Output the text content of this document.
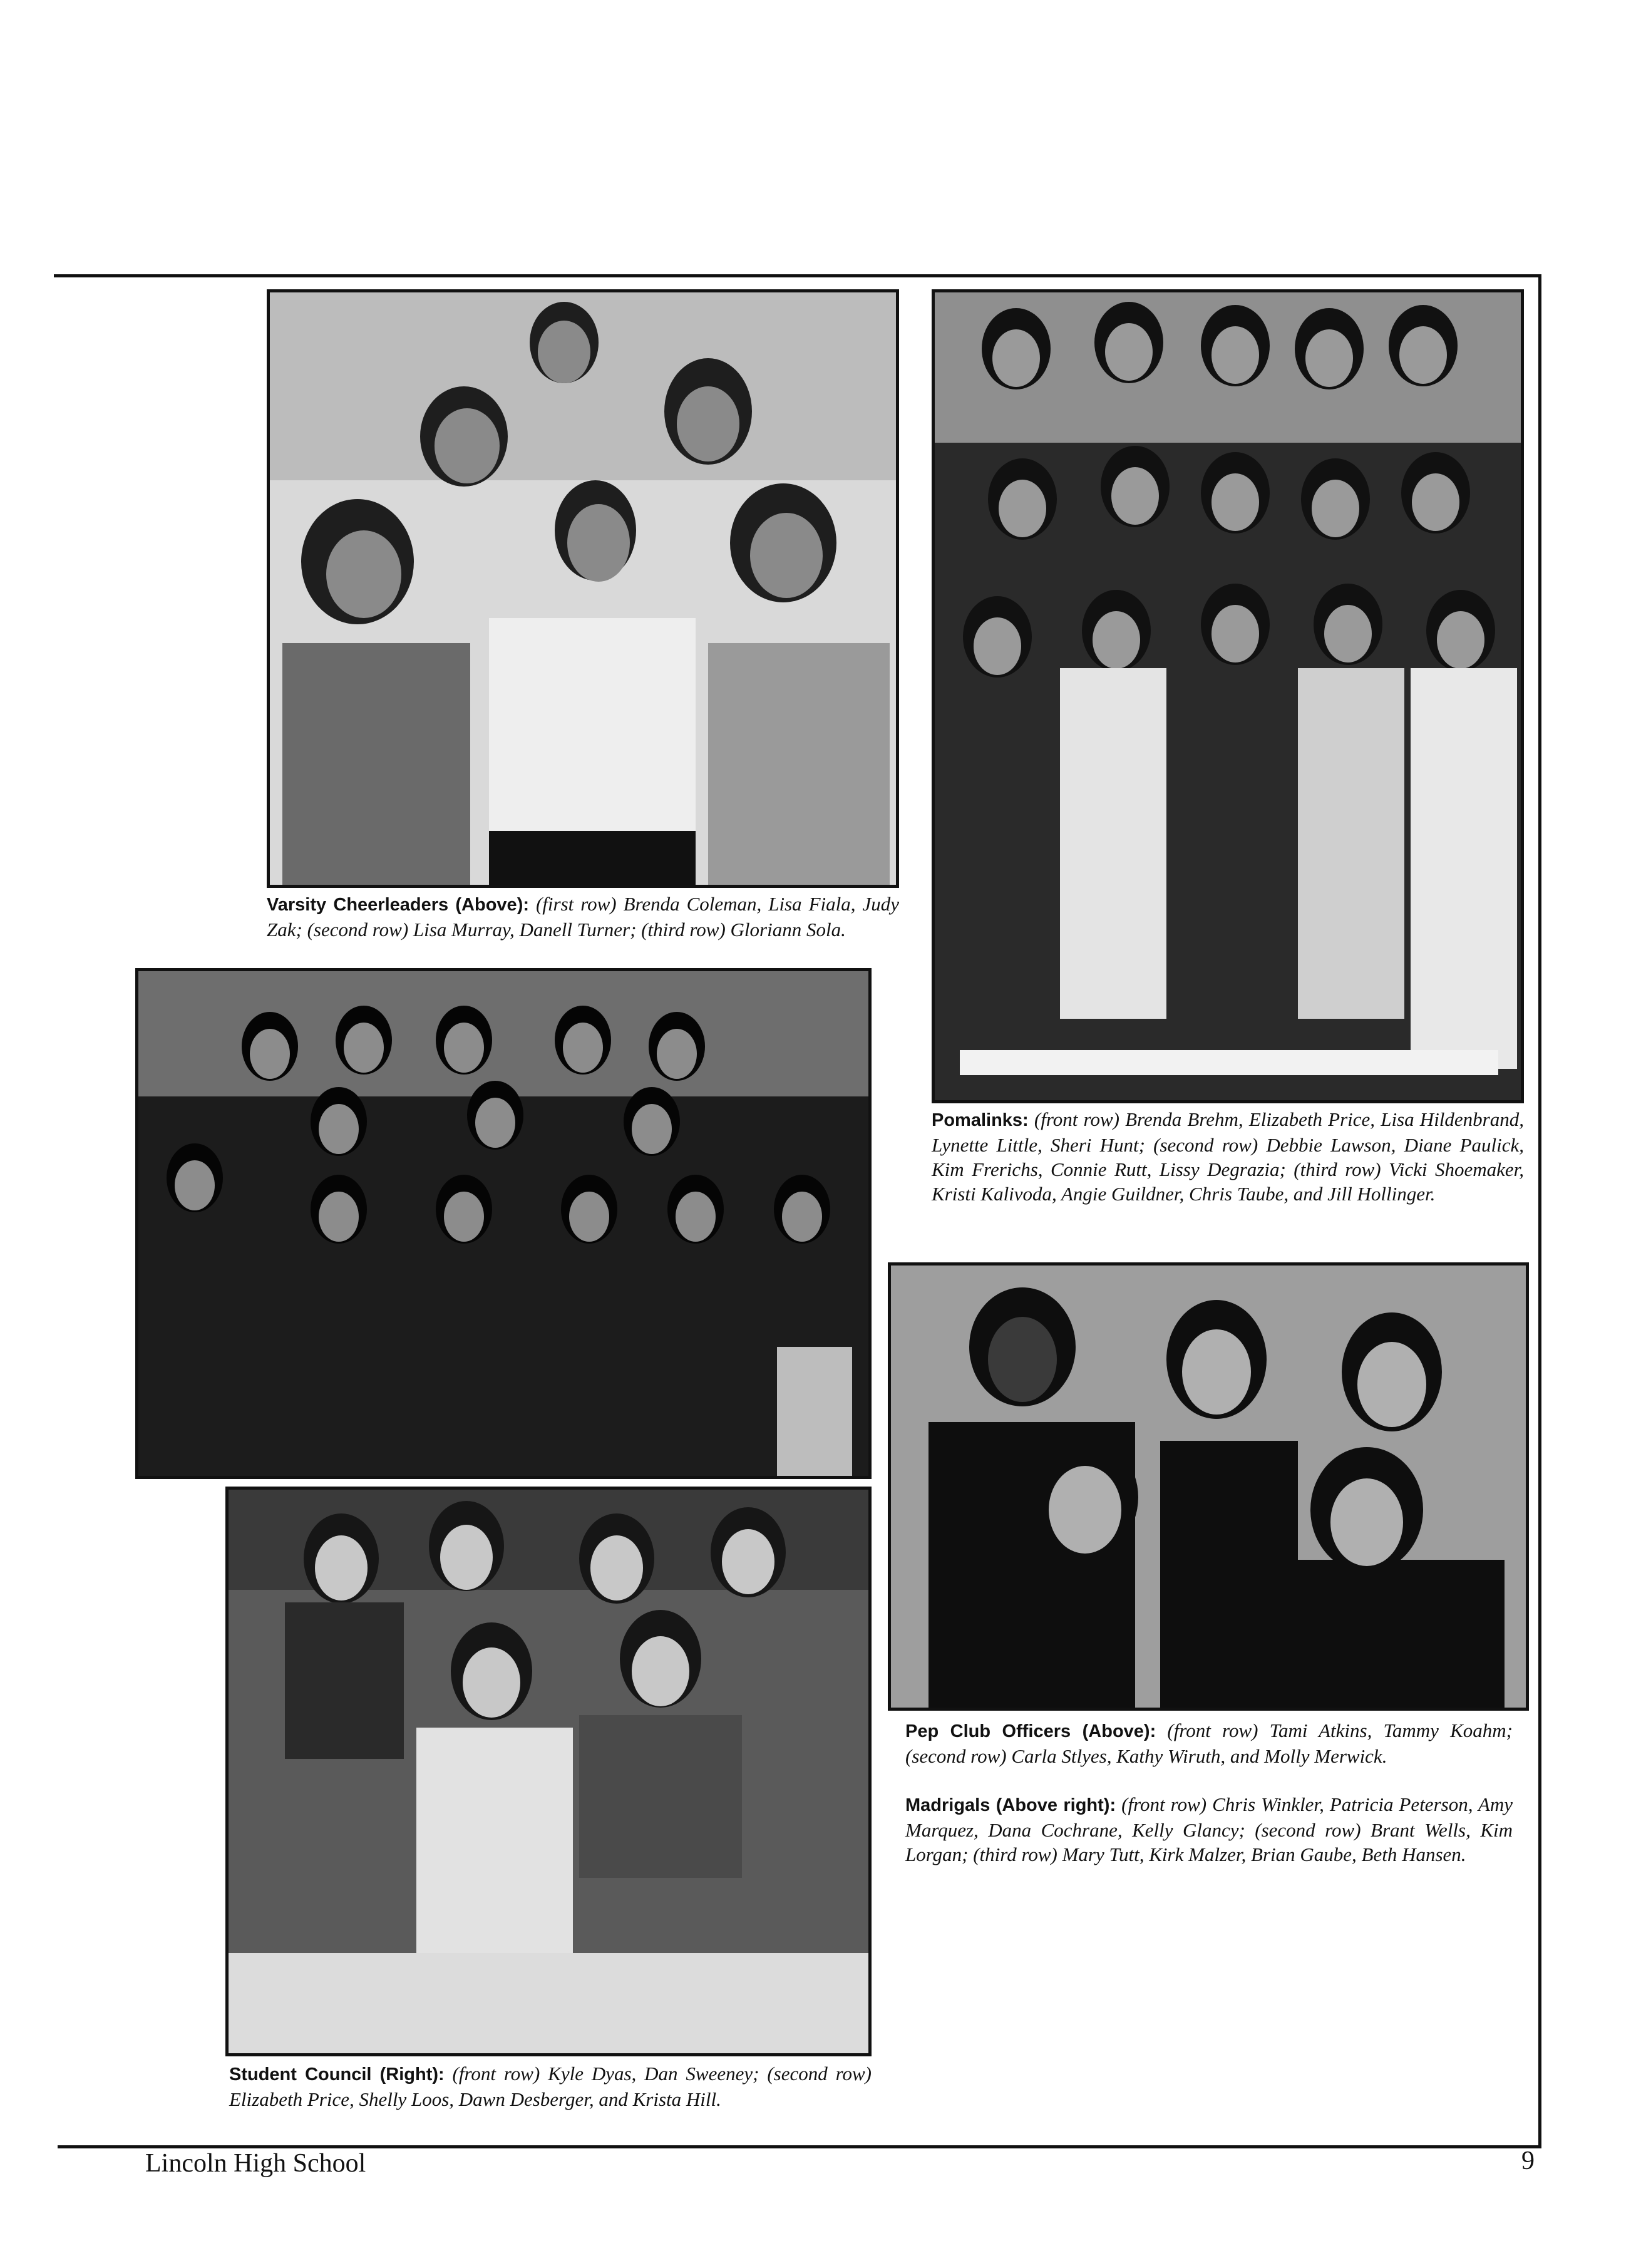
Varsity Cheerleaders (Above): (first row) Brenda Coleman, Lisa Fiala, Judy Zak; (second row) Lisa Murray, Danell Turner; (third row) Gloriann Sola.
Pomalinks: (front row) Brenda Brehm, Elizabeth Price, Lisa Hildenbrand, Lynette Little, Sheri Hunt; (second row) Debbie Lawson, Diane Paulick, Kim Frerichs, Connie Rutt, Lissy Degrazia; (third row) Vicki Shoemaker, Kristi Kalivoda, Angie Guildner, Chris Taube, and Jill Hollinger.
Pep Club Officers (Above): (front row) Tami Atkins, Tammy Koahm; (second row) Carla Stlyes, Kathy Wiruth, and Molly Merwick.
Madrigals (Above right): (front row) Chris Winkler, Patricia Peterson, Amy Marquez, Dana Cochrane, Kelly Glancy; (second row) Brant Wells, Kim Lorgan; (third row) Mary Tutt, Kirk Malzer, Brian Gaube, Beth Hansen.
Student Council (Right): (front row) Kyle Dyas, Dan Sweeney; (second row) Elizabeth Price, Shelly Loos, Dawn Desberger, and Krista Hill.
Lincoln High School	9
